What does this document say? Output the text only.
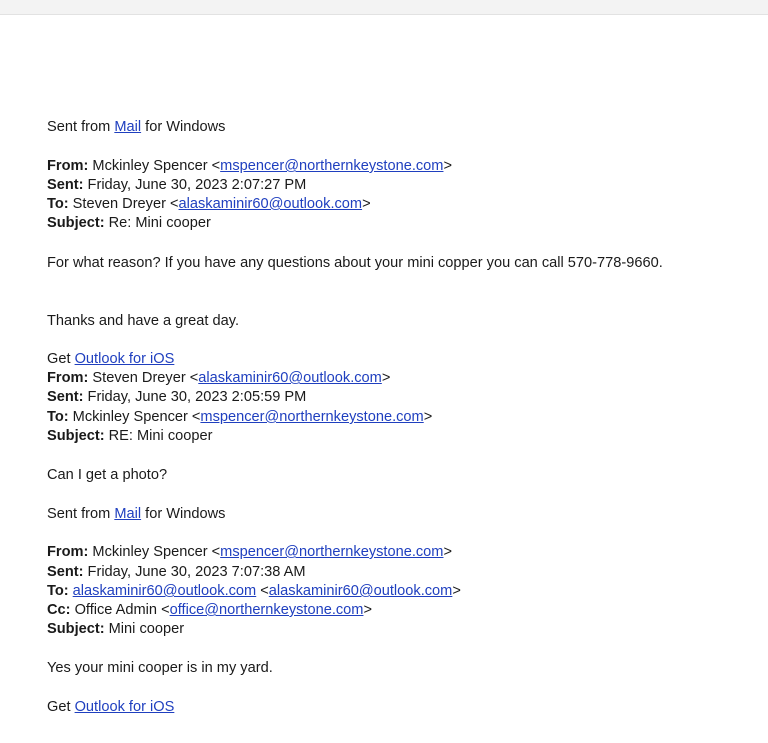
Sent from Mail for Windows
From: Mckinley Spencer <mspencer@northernkeystone.com>
Sent: Friday, June 30, 2023 2:07:27 PM
To: Steven Dreyer <alaskaminir60@outlook.com>
Subject: Re: Mini cooper
For what reason? If you have any questions about your mini copper you can call 570-778-9660.
Thanks and have a great day.
Get Outlook for iOS
From: Steven Dreyer <alaskaminir60@outlook.com>
Sent: Friday, June 30, 2023 2:05:59 PM
To: Mckinley Spencer <mspencer@northernkeystone.com>
Subject: RE: Mini cooper
Can I get a photo?
Sent from Mail for Windows
From: Mckinley Spencer <mspencer@northernkeystone.com>
Sent: Friday, June 30, 2023 7:07:38 AM
To: alaskaminir60@outlook.com <alaskaminir60@outlook.com>
Cc: Office Admin <office@northernkeystone.com>
Subject: Mini cooper
Yes your mini cooper is in my yard.
Get Outlook for iOS
